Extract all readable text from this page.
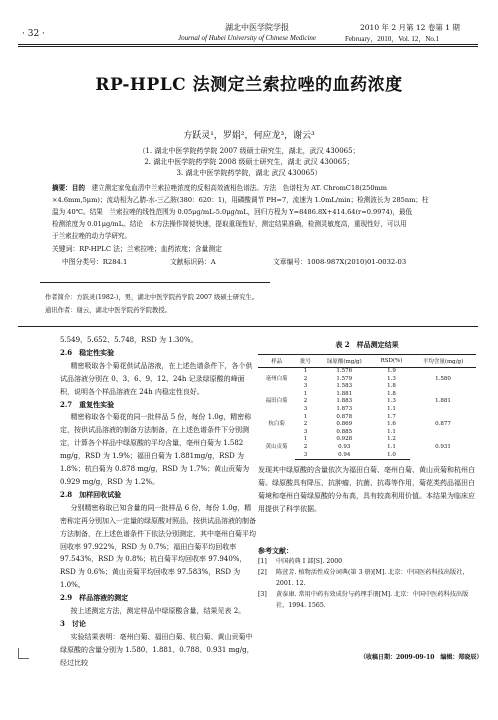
· 32 ·
湖北中医学院学报
Journal of Hubei University of Chinese Medicine
2010 年 2 月第 12 卷第 1 期
February，2010，Vol. 12，No.1
RP-HPLC 法测定兰索拉唑的血药浓度
方跃灵¹，罗娟²，何应龙³，谢云³
（1. 湖北中医学院药学院 2007 级硕士研究生，湖北，武汉 430065；
2. 湖北中医学院药学院 2008 级硕士研究生，湖北 武汉 430065；
3. 湖北中医学院药学院，湖北 武汉 430065）
摘要：目的　 建立测定家兔血清中兰索拉唑浓度的反相高效液相色谱法。方法　色谱柱为 AT. ChromC18(250mm
×4.6mm,5μm)；流动相为乙腈-水-三乙胺(380：620：1)，用磷酸调节 PH=7，流速为 1.0mL/min；检测波长为 285nm；柱
温为 40℃。结果　兰索拉唑的线性范围为 0.05μg/mL-5.0μg/mL，回归方程为 Y=8486.8X+414.64(r=0.9974)，最低
检测浓度为 0.01μg/mL。结论　本方法操作简便快速，提取重现性好，测定结果准确，检测灵敏度高，重现性好，可以用
于兰索拉唑的动力学研究。
关键词：RP-HPLC 法；兰索拉唑；血药浓度；含量测定
中图分类号：R284.1	文献标识码：A	文章编号：1008-987X(2010)01-0032-03
作者简介：方跃灵(1982-)，男，湖北中医学院药学院 2007 级硕士研究生。
通讯作者：谢云，湖北中医学院药学院教授。

5.549、5.652、5.748，RSD 为 1.30%。

2.6　稳定性实验

精密吸取各个菊花供试品溶液，在上述色谱条件下，各个供试品溶液分别在 0、3、6、9、12、24h 记录绿原酸的峰面积，说明各个样品溶液在 24h 内稳定性良好。

2.7　重复性实验

精密称取各个菊花的同一批样品 5 份，每份 1.0g，精密称定，按供试品溶液的制备方法制备，在上述色谱条件下分别测定，计算各个样品中绿原酸的平均含量，亳州白菊为 1.582 mg/g，RSD 为 1.9%；福田白菊为 1.881mg/g，RSD 为 1.8%；杭白菊为 0.878 mg/g，RSD 为 1.7%；黄山贡菊为 0.929 mg/g，RSD 为 1.2%。

2.8　加样回收试验

分别精密称取已知含量的同一批样品 6 份，每份 1.0g，精密称定再分别加入一定量的绿原酸对照品，按供试品溶液的制备方法制备，在上述色谱条件下依法分别测定，其中亳州白菊平均回收率 97.922%，RSD 为 0.7%；福田白菊平均回收率 97.543%，RSD 为 0.8%；杭白菊平均回收率 97.940%，RSD 为 0.6%；黄山贡菊平均回收率 97.583%，RSD 为 1.0%。

2.9　样品溶液的测定

按上述测定方法，测定样品中绿原酸含量，结果见表 2。

3　讨论

实验结果表明：亳州白菊、福田白菊、杭白菊、黄山贡菊中绿原酸的含量分别为 1.580、1.881、0.788、0.931 mg/g，经过比较

表 2　样品测定结果
样品	批号	绿原酸(mg/g)	RSD(%)	平均含量(mg/g)
亳州白菊	1	1.576	1.9	1.580
	2	1.579	1.3	
	3	1.583	1.8	
福田白菊	1	1.881	1.8	1.881
	2	1.883	1.3	
	3	1.873	1.1	
杭白菊	1	0.878	1.7	0.877
	2	0.869	1.6	
	3	0.885	1.1	
黄山贡菊	1	0.928	1.2	0.931
	2	0.93	1.1	
	3	0.94	1.0	

发现其中绿原酸的含量依次为福田白菊、亳州白菊、黄山贡菊和杭州白菊。绿原酸具有降压、抗肿瘤、抗菌、抗毒等作用，菊花类药品福田白菊境和亳州白菊绿原酸的分布高，具有较高利用价值。本结果为临床应用提供了科学依据。

参考文献：
[1] 中国药典 I 部[S]. 2000
[2] 陈萱芳. 植物活性成分词典(第 3 册)[M]. 北京：中国医药科技出版社，2001. 12.
[3] 黄泰康. 常用中药有效成份与药理手册[M]. 北京：中国中医药科技出版社，1994. 1565.
（收稿日期：2009-09-10　编辑：郑晓辰）
